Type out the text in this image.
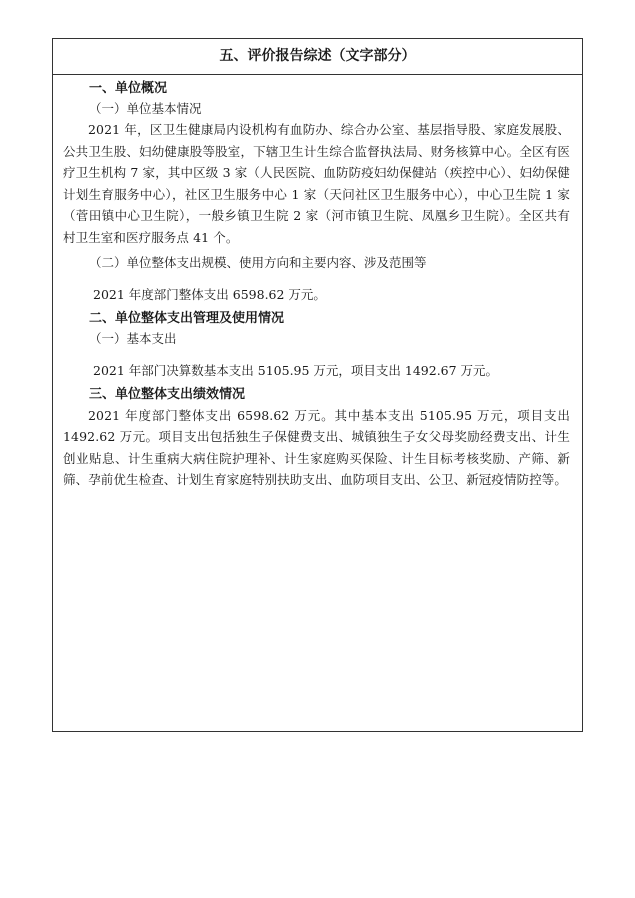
五、评价报告综述（文字部分）

一、单位概况

（一）单位基本情况

2021 年，区卫生健康局内设机构有血防办、综合办公室、基层指导股、家庭发展股、公共卫生股、妇幼健康股等股室，下辖卫生计生综合监督执法局、财务核算中心。全区有医疗卫生机构 7 家，其中区级 3 家（人民医院、血防防疫妇幼保健站（疾控中心）、妇幼保健计划生育服务中心），社区卫生服务中心 1 家（天问社区卫生服务中心），中心卫生院 1 家（菅田镇中心卫生院），一般乡镇卫生院 2 家（河市镇卫生院、凤凰乡卫生院）。全区共有村卫生室和医疗服务点 41 个。

（二）单位整体支出规模、使用方向和主要内容、涉及范围等

2021 年度部门整体支出 6598.62 万元。

二、单位整体支出管理及使用情况

（一）基本支出

2021 年部门决算数基本支出 5105.95 万元，项目支出 1492.67 万元。

三、单位整体支出绩效情况

2021 年度部门整体支出 6598.62 万元。其中基本支出 5105.95 万元，项目支出 1492.62 万元。项目支出包括独生子保健费支出、城镇独生子女父母奖励经费支出、计生创业贴息、计生重病大病住院护理补、计生家庭购买保险、计生目标考核奖励、产筛、新筛、孕前优生检查、计划生育家庭特别扶助支出、血防项目支出、公卫、新冠疫情防控等。
